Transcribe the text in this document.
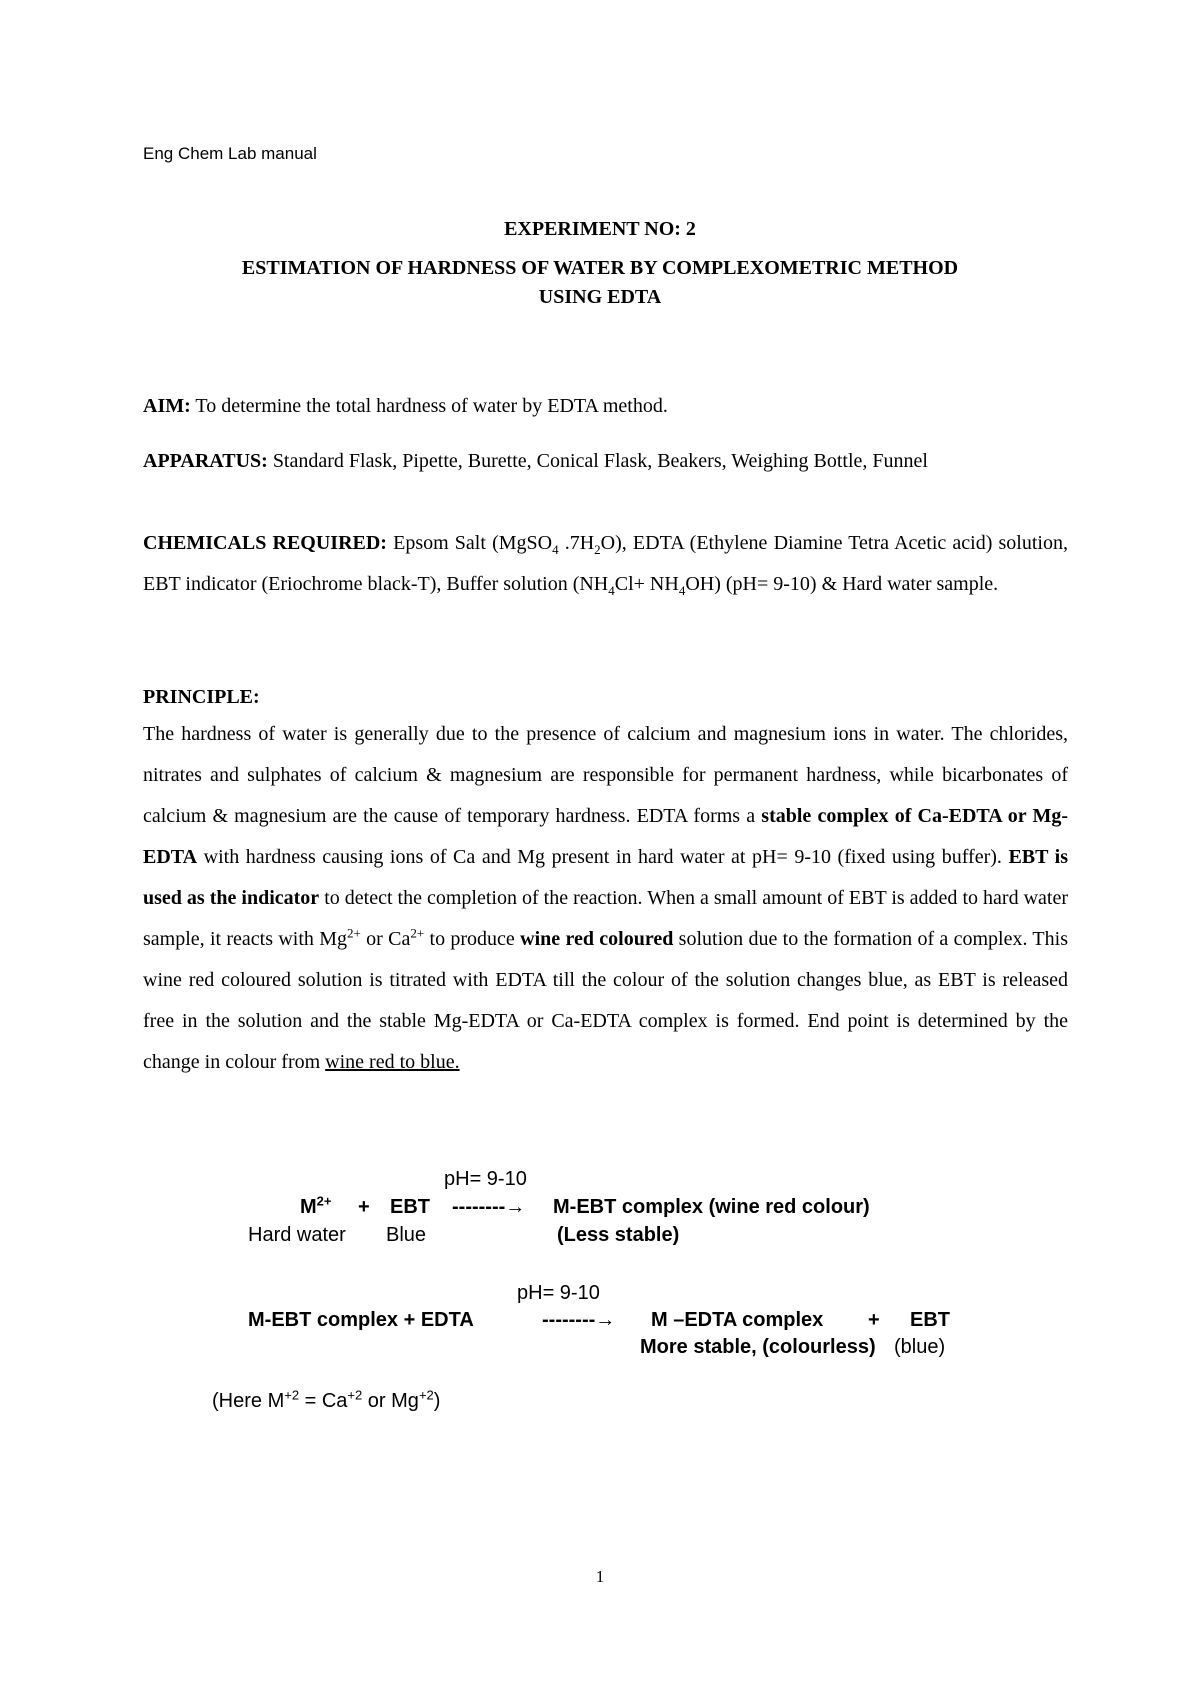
Eng Chem Lab manual
EXPERIMENT NO: 2
ESTIMATION OF HARDNESS OF WATER BY COMPLEXOMETRIC METHOD
USING EDTA

AIM: To determine the total hardness of water by EDTA method.

APPARATUS: Standard Flask, Pipette, Burette, Conical Flask, Beakers, Weighing Bottle, Funnel

CHEMICALS REQUIRED: Epsom Salt (MgSO$_4$ $.7H_2O$), EDTA (Ethylene Diamine Tetra Acetic acid) solution, EBT indicator (Eriochrome black-T), Buffer solution $(NH_4Cl+ NH_4OH)$ (pH= 9-10) & Hard water sample.

PRINCIPLE:

The hardness of water is generally due to the presence of calcium and magnesium ions in water. The chlorides, nitrates and sulphates of calcium & magnesium are responsible for permanent hardness, while bicarbonates of calcium & magnesium are the cause of temporary hardness. EDTA forms a stable complex of Ca-EDTA or Mg-EDTA with hardness causing ions of Ca and Mg present in hard water at pH= 9-10 (fixed using buffer). EBT is used as the indicator to detect the completion of the reaction. When a small amount of EBT is added to hard water sample, it reacts with $Mg^{2+}$ or $Ca^{2+}$ to produce wine red coloured solution due to the formation of a complex. This wine red coloured solution is titrated with EDTA till the colour of the solution changes blue, as EBT is released free in the solution and the stable Mg-EDTA or Ca-EDTA complex is formed. End point is determined by the change in colour from wine red to blue.

pH= 9-10
$M^{2+}$ + EBT --------→ M-EBT complex (wine red colour)
Hard water Blue	(Less stable)
pH= 9-10
M-EBT complex + EDTA	--------→ M –EDTA complex + EBT
More stable, (colourless) (blue)
(Here $M^{+2} = Ca^{+2}$ or $Mg^{+2}$)
1
